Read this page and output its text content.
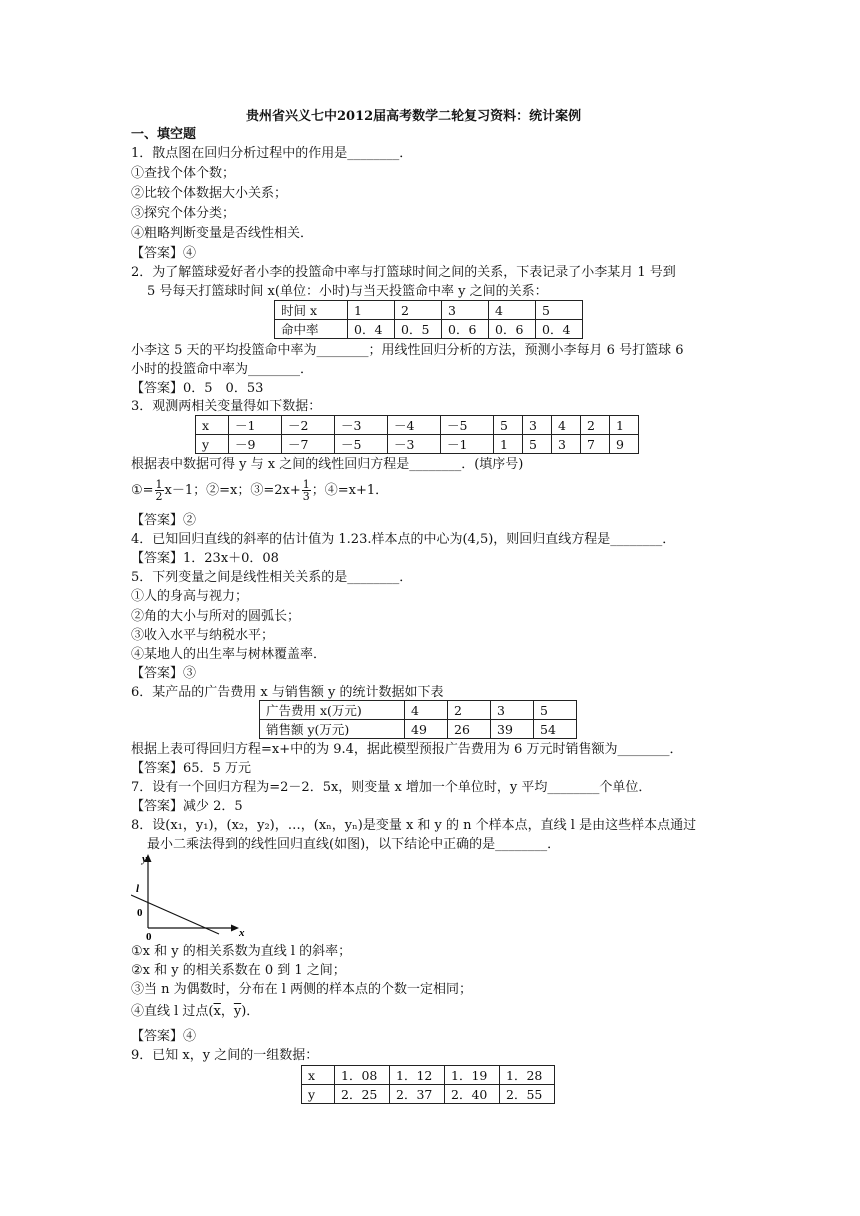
贵州省兴义七中2012届高考数学二轮复习资料：统计案例
一、填空题
1．散点图在回归分析过程中的作用是________．
①查找个体个数；
②比较个体数据大小关系；
③探究个体分类；
④粗略判断变量是否线性相关．
【答案】④
2．为了解篮球爱好者小李的投篮命中率与打篮球时间之间的关系，下表记录了小李某月 1 号到
5 号每天打篮球时间 x(单位：小时)与当天投篮命中率 y 之间的关系：
时间 x	1	2	3	4	5
命中率	0．4	0．5	0．6	0．6	0．4
小李这 5 天的平均投篮命中率为________；用线性回归分析的方法，预测小李每月 6 号打篮球 6
小时的投篮命中率为________．
【答案】0．5　0．53
3．观测两相关变量得如下数据：
x	－1	－2	－3	－4	－5	5	3	4	2	1
y	－9	－7	－5	－3	－1	1	5	3	7	9
根据表中数据可得 y 与 x 之间的线性回归方程是________．(填序号)
①= $\frac{1}{2} x-1$；②=x；③=2x+ $\frac{1}{3}$ ；④=x+1．
【答案】②
4．已知回归直线的斜率的估计值为 1.23.样本点的中心为(4,5)，则回归直线方程是________．
【答案】1．23x＋0．08
5．下列变量之间是线性相关关系的是________．
①人的身高与视力；
②角的大小与所对的圆弧长；
③收入水平与纳税水平；
④某地人的出生率与树林覆盖率．
【答案】③
6．某产品的广告费用 x 与销售额 y 的统计数据如下表
广告费用 x(万元)	4	2	3	5
销售额 y(万元)	49	26	39	54
根据上表可得回归方程=x+中的为 9.4，据此模型预报广告费用为 6 万元时销售额为________．
【答案】65．5 万元
7．设有一个回归方程为=2－2．5x，则变量 x 增加一个单位时，y 平均________个单位．
【答案】减少 2．5
8．设(x₁，y₁)，(x₂，y₂)，…，(xₙ，yₙ)是变量 x 和 y 的 n 个样本点，直线 l 是由这些样本点通过
最小二乘法得到的线性回归直线(如图)，以下结论中正确的是________．
y
x
l
0
0
①x 和 y 的相关系数为直线 l 的斜率；
②x 和 y 的相关系数在 0 到 1 之间；
③当 n 为偶数时，分布在 l 两侧的样本点的个数一定相同；
④直线 l 过点($\overline{x}$，$\overline{y}$)．
【答案】④
9．已知 x，y 之间的一组数据：
x	1．08	1．12	1．19	1．28
y	2．25	2．37	2．40	2．55
